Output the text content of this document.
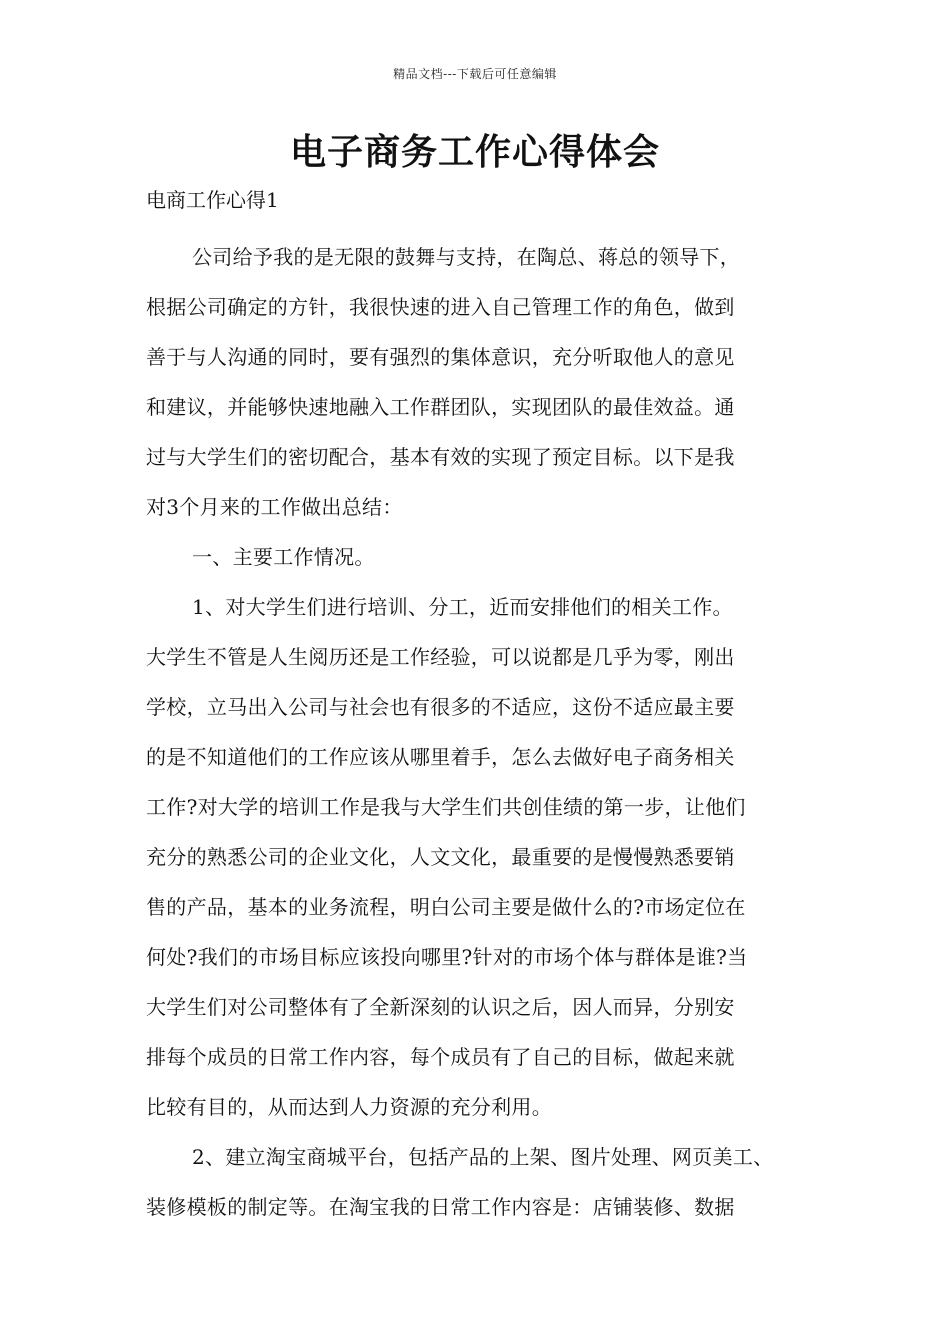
精品文档---下载后可任意编辑
电子商务工作心得体会
电商工作心得1

公司给予我的是无限的鼓舞与支持，在陶总、蒋总的领导下，
根据公司确定的方针，我很快速的进入自己管理工作的角色，做到
善于与人沟通的同时，要有强烈的集体意识，充分听取他人的意见
和建议，并能够快速地融入工作群团队，实现团队的最佳效益。通
过与大学生们的密切配合，基本有效的实现了预定目标。以下是我
对3个月来的工作做出总结：

一、主要工作情况。

1、对大学生们进行培训、分工，近而安排他们的相关工作。
大学生不管是人生阅历还是工作经验，可以说都是几乎为零，刚出
学校，立马出入公司与社会也有很多的不适应，这份不适应最主要
的是不知道他们的工作应该从哪里着手，怎么去做好电子商务相关
工作?对大学的培训工作是我与大学生们共创佳绩的第一步，让他们
充分的熟悉公司的企业文化，人文文化，最重要的是慢慢熟悉要销
售的产品，基本的业务流程，明白公司主要是做什么的?市场定位在
何处?我们的市场目标应该投向哪里?针对的市场个体与群体是谁?当
大学生们对公司整体有了全新深刻的认识之后，因人而异，分别安
排每个成员的日常工作内容，每个成员有了自己的目标，做起来就
比较有目的，从而达到人力资源的充分利用。

2、建立淘宝商城平台，包括产品的上架、图片处理、网页美工、
装修模板的制定等。在淘宝我的日常工作内容是：店铺装修、数据
